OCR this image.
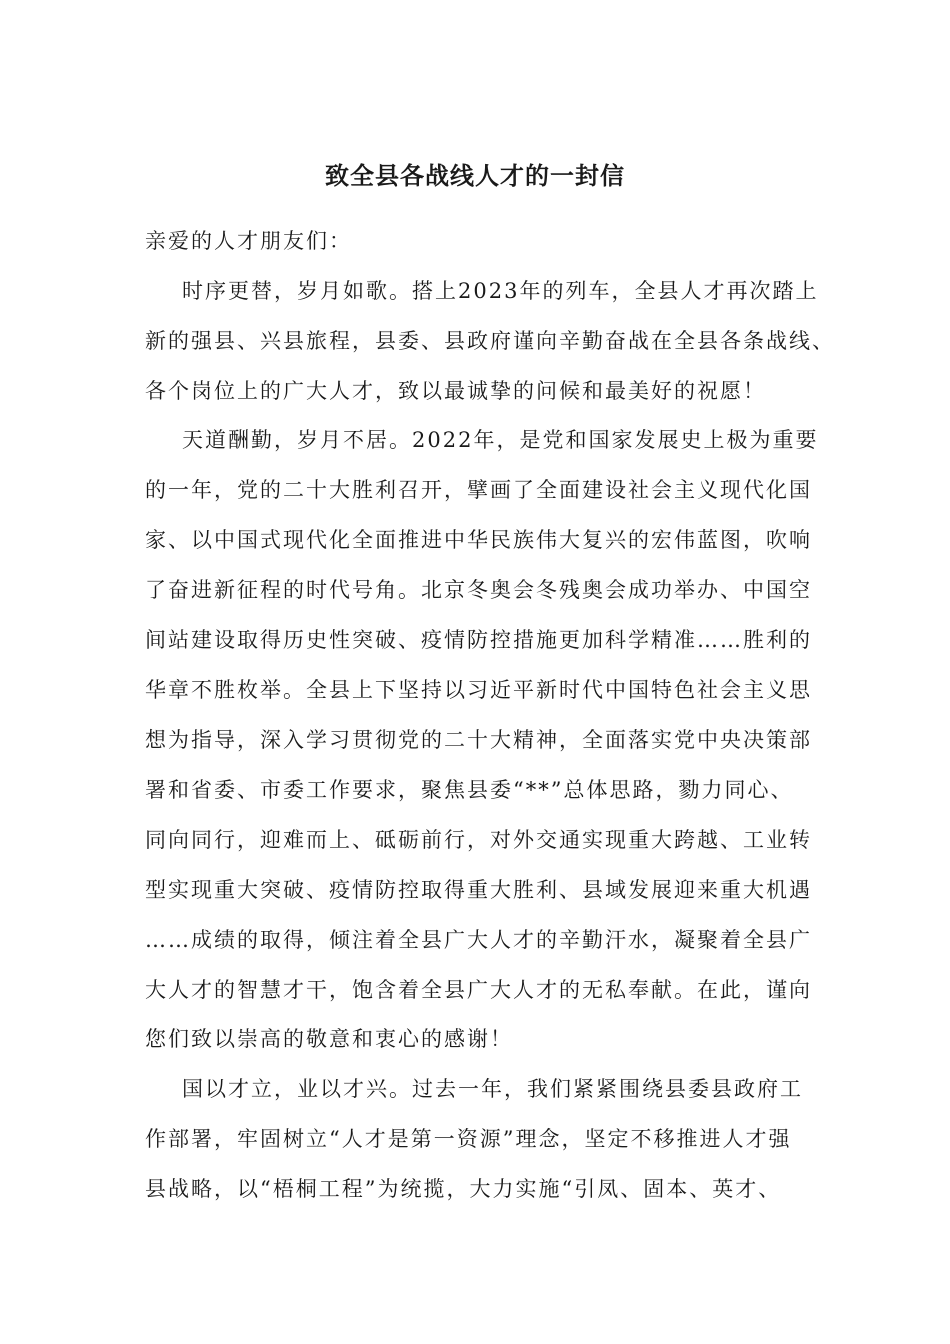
致全县各战线人才的一封信
亲爱的人才朋友们：
时序更替，岁月如歌。搭上2023年的列车，全县人才再次踏上
新的强县、兴县旅程，县委、县政府谨向辛勤奋战在全县各条战线、
各个岗位上的广大人才，致以最诚挚的问候和最美好的祝愿！
天道酬勤，岁月不居。2022年，是党和国家发展史上极为重要
的一年，党的二十大胜利召开，擘画了全面建设社会主义现代化国
家、以中国式现代化全面推进中华民族伟大复兴的宏伟蓝图，吹响
了奋进新征程的时代号角。北京冬奥会冬残奥会成功举办、中国空
间站建设取得历史性突破、疫情防控措施更加科学精准……胜利的
华章不胜枚举。全县上下坚持以习近平新时代中国特色社会主义思
想为指导，深入学习贯彻党的二十大精神，全面落实党中央决策部
署和省委、市委工作要求，聚焦县委“**”总体思路，勠力同心、
同向同行，迎难而上、砥砺前行，对外交通实现重大跨越、工业转
型实现重大突破、疫情防控取得重大胜利、县域发展迎来重大机遇
……成绩的取得，倾注着全县广大人才的辛勤汗水，凝聚着全县广
大人才的智慧才干，饱含着全县广大人才的无私奉献。在此，谨向
您们致以崇高的敬意和衷心的感谢！
国以才立，业以才兴。过去一年，我们紧紧围绕县委县政府工
作部署，牢固树立“人才是第一资源”理念，坚定不移推进人才强
县战略，以“梧桐工程”为统揽，大力实施“引凤、固本、英才、
